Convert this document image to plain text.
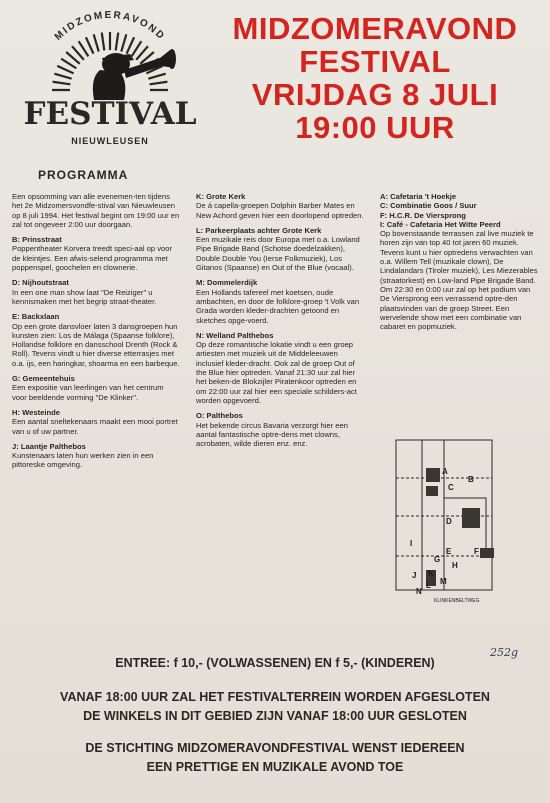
MIDZOMERAVOND
FESTIVAL
NIEUWLEUSEN
MIDZOMERAVOND
FESTIVAL
VRIJDAG 8 JULI
19:00 UUR
PROGRAMMA

Een opsomming van alle evenemen-ten tijdens het 2e Midzomersvondfe-stival van Nieuwleusen op 8 juli 1994. Het festival begint om 19:00 uur en zal tot ongeveer 2:00 uur doorgaan.

B: Prinsstraat

Poppentheater Korvera treedt speci-aal op voor de kleintjes. Een afwis-selend programma met poppenspel, goochelen en clownerie.

D: Nijhoutstraat

In een one man show laat "De Reiziger" u kennismaken met het begrip straat-theater.

E: Backxlaan

Op een grote dansvloer laten 3 dansgroepen hun kunsten zien: Los de Málaga (Spaanse folklore), Hollandse folklore en dansschool Drenth (Rock & Roll). Tevens vindt u hier diverse etterrasjes met o.a. ijs, een haringkar, shoarma en een barbeque.

G: Gemeentehuis

Een expositie van leerlingen van het centrum voor beeldende vorming "De Klinker".

H: Westeinde

Een aantal sneltekenaars maakt een mooi portret van u of uw partner.

J: Laantje Palthebos

Kunstenaars laten hun werken zien in een pittoreske omgeving.

K: Grote Kerk

De á capella-groepen Dolphin Barber Mates en New Achord geven hier een doorlopend optreden.

L: Parkeerplaats achter Grote Kerk

Een muzikale reis door Europa met o.a. Lowland Pipe Brigade Band (Schotse doedelzakken), Double Double You (Ierse Folkmuziek), Los Gitanos (Spaanse) en Out of the Blue (vocaal).

M: Dommelerdijk

Een Hollands tafereel met koetsen, oude ambachten, en door de folklore-groep 't Volk van Grada worden kleder-drachten getoond en sketches opge-voerd.

N: Welland Palthebos

Op deze romantische lokatie vindt u een groep artiesten met muziek uit de Middeleeuwen inclusief kleder-dracht. Ook zal de groep Out of the Blue hier optreden. Vanaf 21:30 uur zal hier het beken-de Blokzijler Piratenkoor optreden en om 22:00 uur zal hier een speciale schilders-act worden opgevoerd.

O: Palthebos

Het bekende circus Bavaria verzorgt hier een aantal fantastische optre-dens met clowns, acrobaten, wilde dieren enz. enz.

A: Cafetaria 't Hoekje
C: Combinatie Goos / Suur
F: H.C.R. De Viersprong
I: Café - Cafetaria Het Witte Peerd

Op bovenstaande terrassen zal live muziek te horen zijn van top 40 tot jaren 60 muziek. Tevens kunt u hier optredens verwachten van o.a. Willem Tell (muzikale clown), De Lindalandars (Tiroler muziek), Les Miezerables (straatorkest) en Low-land Pipe Brigade Band. Om 22:30 en 0:00 uur zal op het podium van De Viersprong een verrassend optre-den plaatsvinden van de groep Street. Een wervelende show met een combinatie van cabaret en popmuziek.

A
B
C
D
E	F
G
H
I
J K
L M
N
KLINKENBELTWEG
252g
ENTREE: f 10,- (VOLWASSENEN) EN f 5,- (KINDEREN)
VANAF 18:00 UUR ZAL HET FESTIVALTERREIN WORDEN AFGESLOTEN
DE WINKELS IN DIT GEBIED ZIJN VANAF 18:00 UUR GESLOTEN
DE STICHTING MIDZOMERAVONDFESTIVAL WENST IEDEREEN
EEN PRETTIGE EN MUZIKALE AVOND TOE
